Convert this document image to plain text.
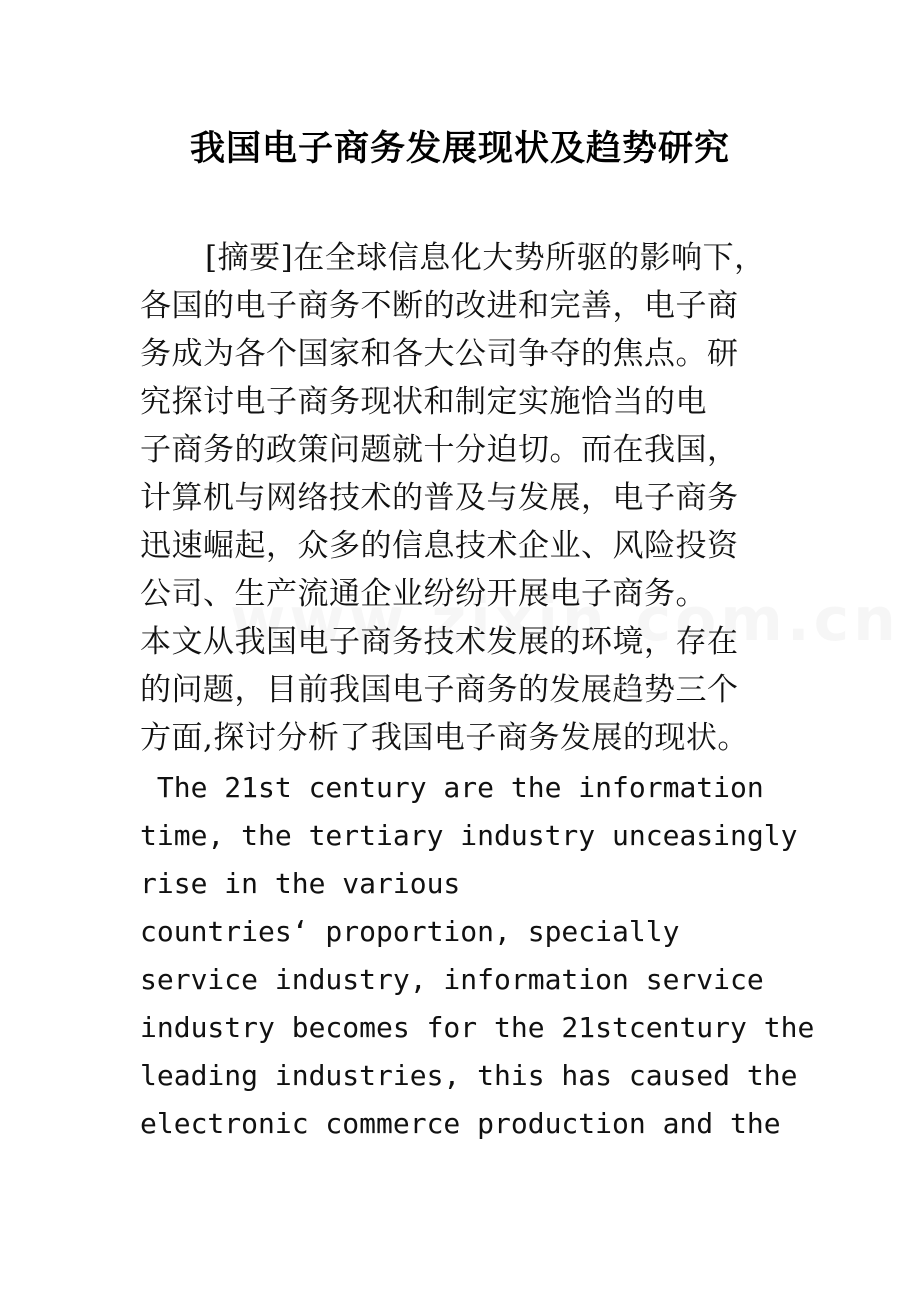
我国电子商务发展现状及趋势研究
[摘要]在全球信息化大势所驱的影响下，
各国的电子商务不断的改进和完善，电子商
务成为各个国家和各大公司争夺的焦点。研
究探讨电子商务现状和制定实施恰当的电
子商务的政策问题就十分迫切。而在我国，
计算机与网络技术的普及与发展，电子商务
迅速崛起，众多的信息技术企业、风险投资
公司、生产流通企业纷纷开展电子商务。
本文从我国电子商务技术发展的环境，存在
的问题，目前我国电子商务的发展趋势三个
方面,探讨分析了我国电子商务发展的现状。
The 21st century are the information
time, the tertiary industry unceasingly
rise in the various
countries‘ proportion, specially
service industry, information service
industry becomes for the 21stcentury the
leading industries, this has caused the
electronic commerce production and the
